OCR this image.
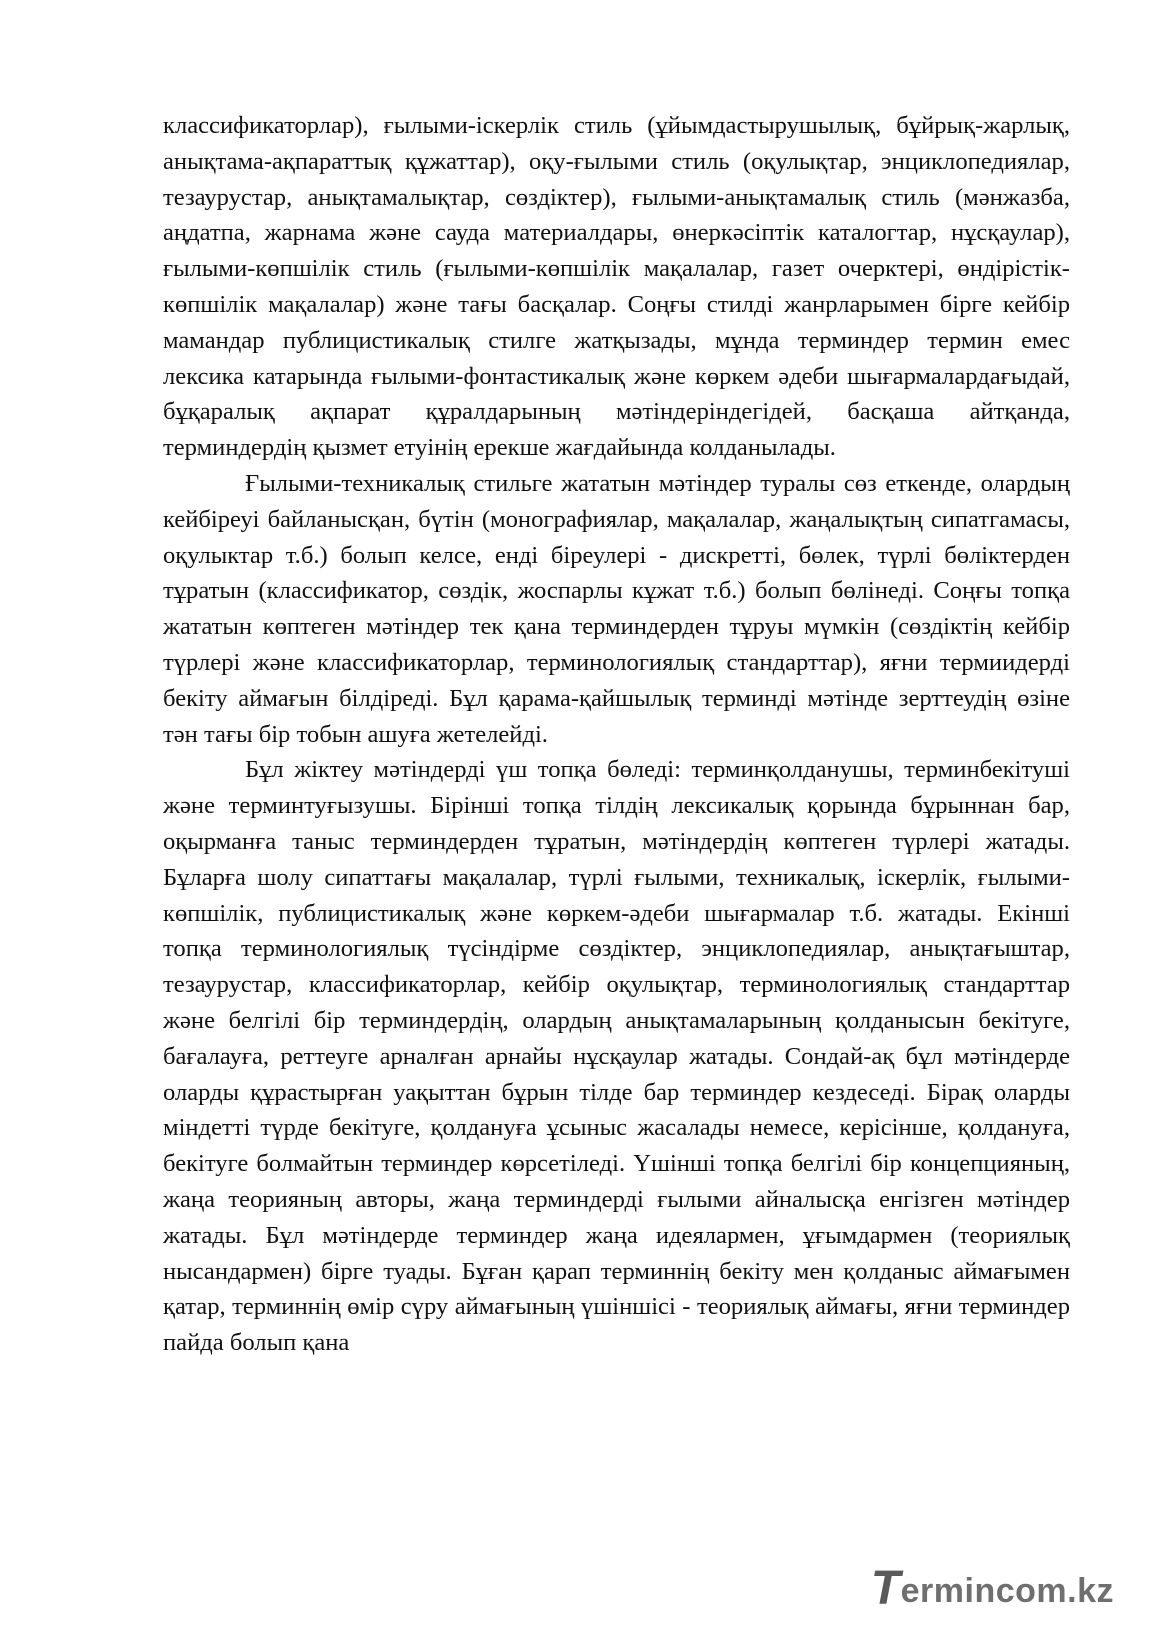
классификаторлар), ғылыми-іскерлік стиль (ұйымдастырушылық, бұйрық-жарлық, анықтама-ақпараттық құжаттар), оқу-ғылыми стиль (оқулықтар, энциклопедиялар, тезаурустар, анықтамалықтар, сөздіктер), ғылыми-анықтамалық стиль (мәнжазба, аңдатпа, жарнама және сауда материалдары, өнеркәсіптік каталогтар, нұсқаулар), ғылыми-көпшілік стиль (ғылыми-көпшілік мақалалар, газет очерктері, өндірістік- көпшілік мақалалар) және тағы басқалар. Соңғы стилді жанрларымен бірге кейбір мамандар публицистикалық стилге жатқызады, мұнда терминдер термин емес лексика катарында ғылыми-фонтастикалық және көркем әдеби шығармалардағыдай, бұқаралық ақпарат құралдарының мәтіндеріндегідей, басқаша айтқанда, терминдердің қызмет етуінің ерекше жағдайында колданылады.

Ғылыми-техникалық стильге жататын мәтіндер туралы сөз еткенде, олардың кейбіреуі байланысқан, бүтін (монографиялар, мақалалар, жаңалықтың сипатгамасы, оқулыктар т.б.) болып келсе, енді біреулері - дискретті, бөлек, түрлі бөліктерден тұратын (классификатор, сөздік, жоспарлы кұжат т.б.) болып бөлінеді. Соңғы топқа жататын көптеген мәтіндер тек қана терминдерден тұруы мүмкін (сөздіктің кейбір түрлері және классификаторлар, терминологиялық стандарттар), яғни термиидерді бекіту аймағын білдіреді. Бұл қарама-қайшылық терминді мәтінде зерттеудің өзіне тән тағы бір тобын ашуға жетелейді.

Бұл жіктеу мәтіндерді үш топқа бөледі: терминқолданушы, терминбекітуші және терминтуғызушы. Бірінші топқа тілдің лексикалық қорында бұрыннан бар, оқырманға таныс терминдерден тұратын, мәтіндердің көптеген түрлері жатады. Бұларға шолу сипаттағы мақалалар, түрлі ғылыми, техникалық, іскерлік, ғылыми-көпшілік, публицистикалық және көркем-әдеби шығармалар т.б. жатады. Екінші топқа терминологиялық түсіндірме сөздіктер, энциклопедиялар, анықтағыштар, тезаурустар, классификаторлар, кейбір оқулықтар, терминологиялық стандарттар және белгілі бір терминдердің, олардың анықтамаларының қолданысын бекітуге, бағалауға, реттеуге арналған арнайы нұсқаулар жатады. Сондай-ақ бұл мәтіндерде оларды құрастырған уақыттан бұрын тілде бар терминдер кездеседі. Бірақ оларды міндетті түрде бекітуге, қолдануға ұсыныс жасалады немесе, керісінше, қолдануға, бекітуге болмайтын терминдер көрсетіледі. Үшінші топқа белгілі бір концепцияның, жаңа теорияның авторы, жаңа терминдерді ғылыми айналысқа енгізген мәтіндер жатады. Бұл мәтіндерде терминдер жаңа идеялармен, ұғымдармен (теориялық нысандармен) бірге туады. Бұған қарап терминнің бекіту мен қолданыс аймағымен қатар, терминнің өмір сүру аймағының үшіншісі - теориялық аймағы, яғни терминдер пайда болып қана

T ermincom.kz
